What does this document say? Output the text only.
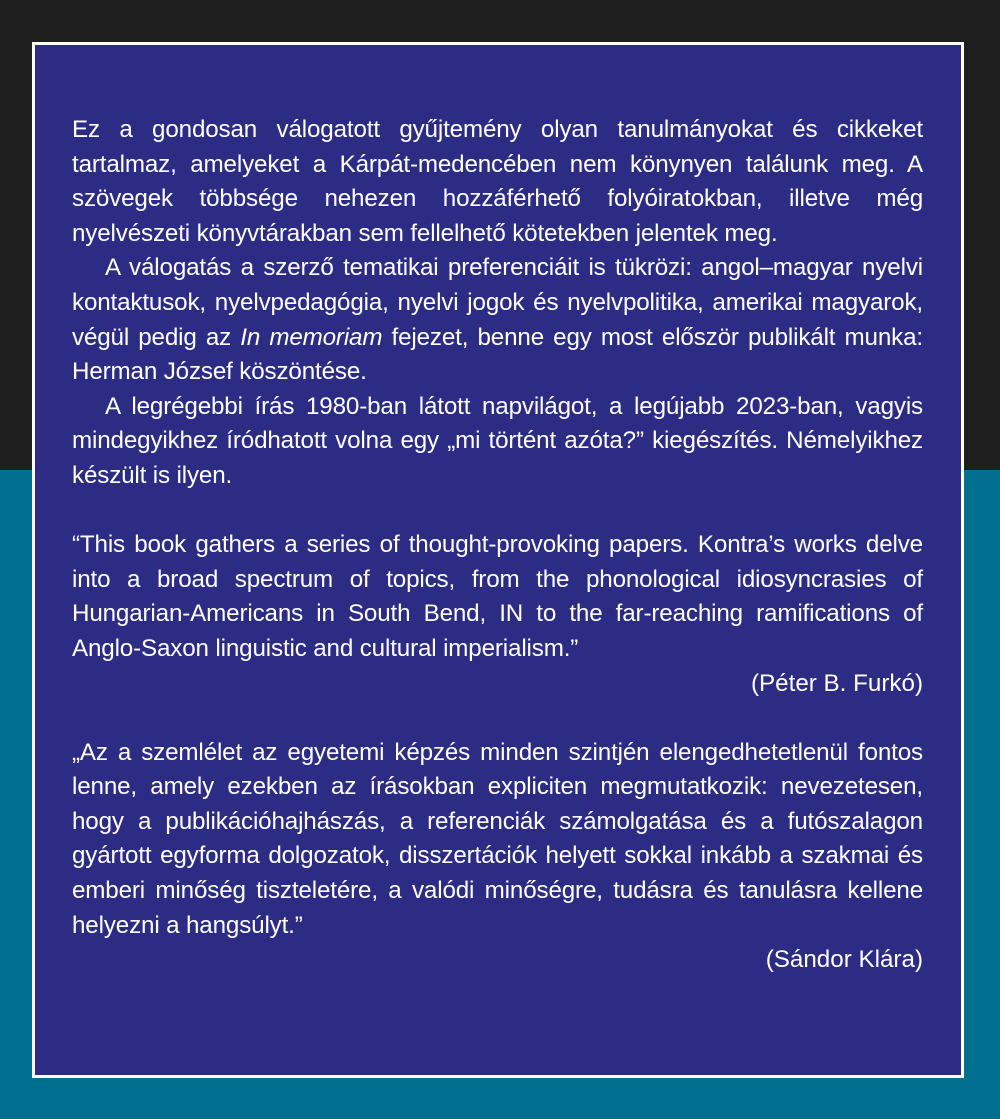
Ez a gondosan válogatott gyűjtemény olyan tanulmányokat és cikkeket tartalmaz, amelyeket a Kárpát-medencében nem könynyen találunk meg. A szövegek többsége nehezen hozzáférhető folyóiratokban, illetve még nyelvészeti könyvtárakban sem fellelhető kötetekben jelentek meg.

A válogatás a szerző tematikai preferenciáit is tükrözi: angol–magyar nyelvi kontaktusok, nyelvpedagógia, nyelvi jogok és nyelvpolitika, amerikai magyarok, végül pedig az In memoriam fejezet, benne egy most először publikált munka: Herman József köszöntése.

A legrégebbi írás 1980-ban látott napvilágot, a legújabb 2023-ban, vagyis mindegyikhez íródhatott volna egy „mi történt azóta?” kiegészítés. Némelyikhez készült is ilyen.

“This book gathers a series of thought-provoking papers. Kontra’s works delve into a broad spectrum of topics, from the phonological idiosyncrasies of Hungarian-Americans in South Bend, IN to the far-reaching ramifications of Anglo-Saxon linguistic and cultural imperialism.”

(Péter B. Furkó)

„Az a szemlélet az egyetemi képzés minden szintjén elengedhetetlenül fontos lenne, amely ezekben az írásokban expliciten megmutatkozik: nevezetesen, hogy a publikációhajhászás, a referenciák számolgatása és a futószalagon gyártott egyforma dolgozatok, disszertációk helyett sokkal inkább a szakmai és emberi minőség tiszteletére, a valódi minőségre, tudásra és tanulásra kellene helyezni a hangsúlyt.”

(Sándor Klára)
